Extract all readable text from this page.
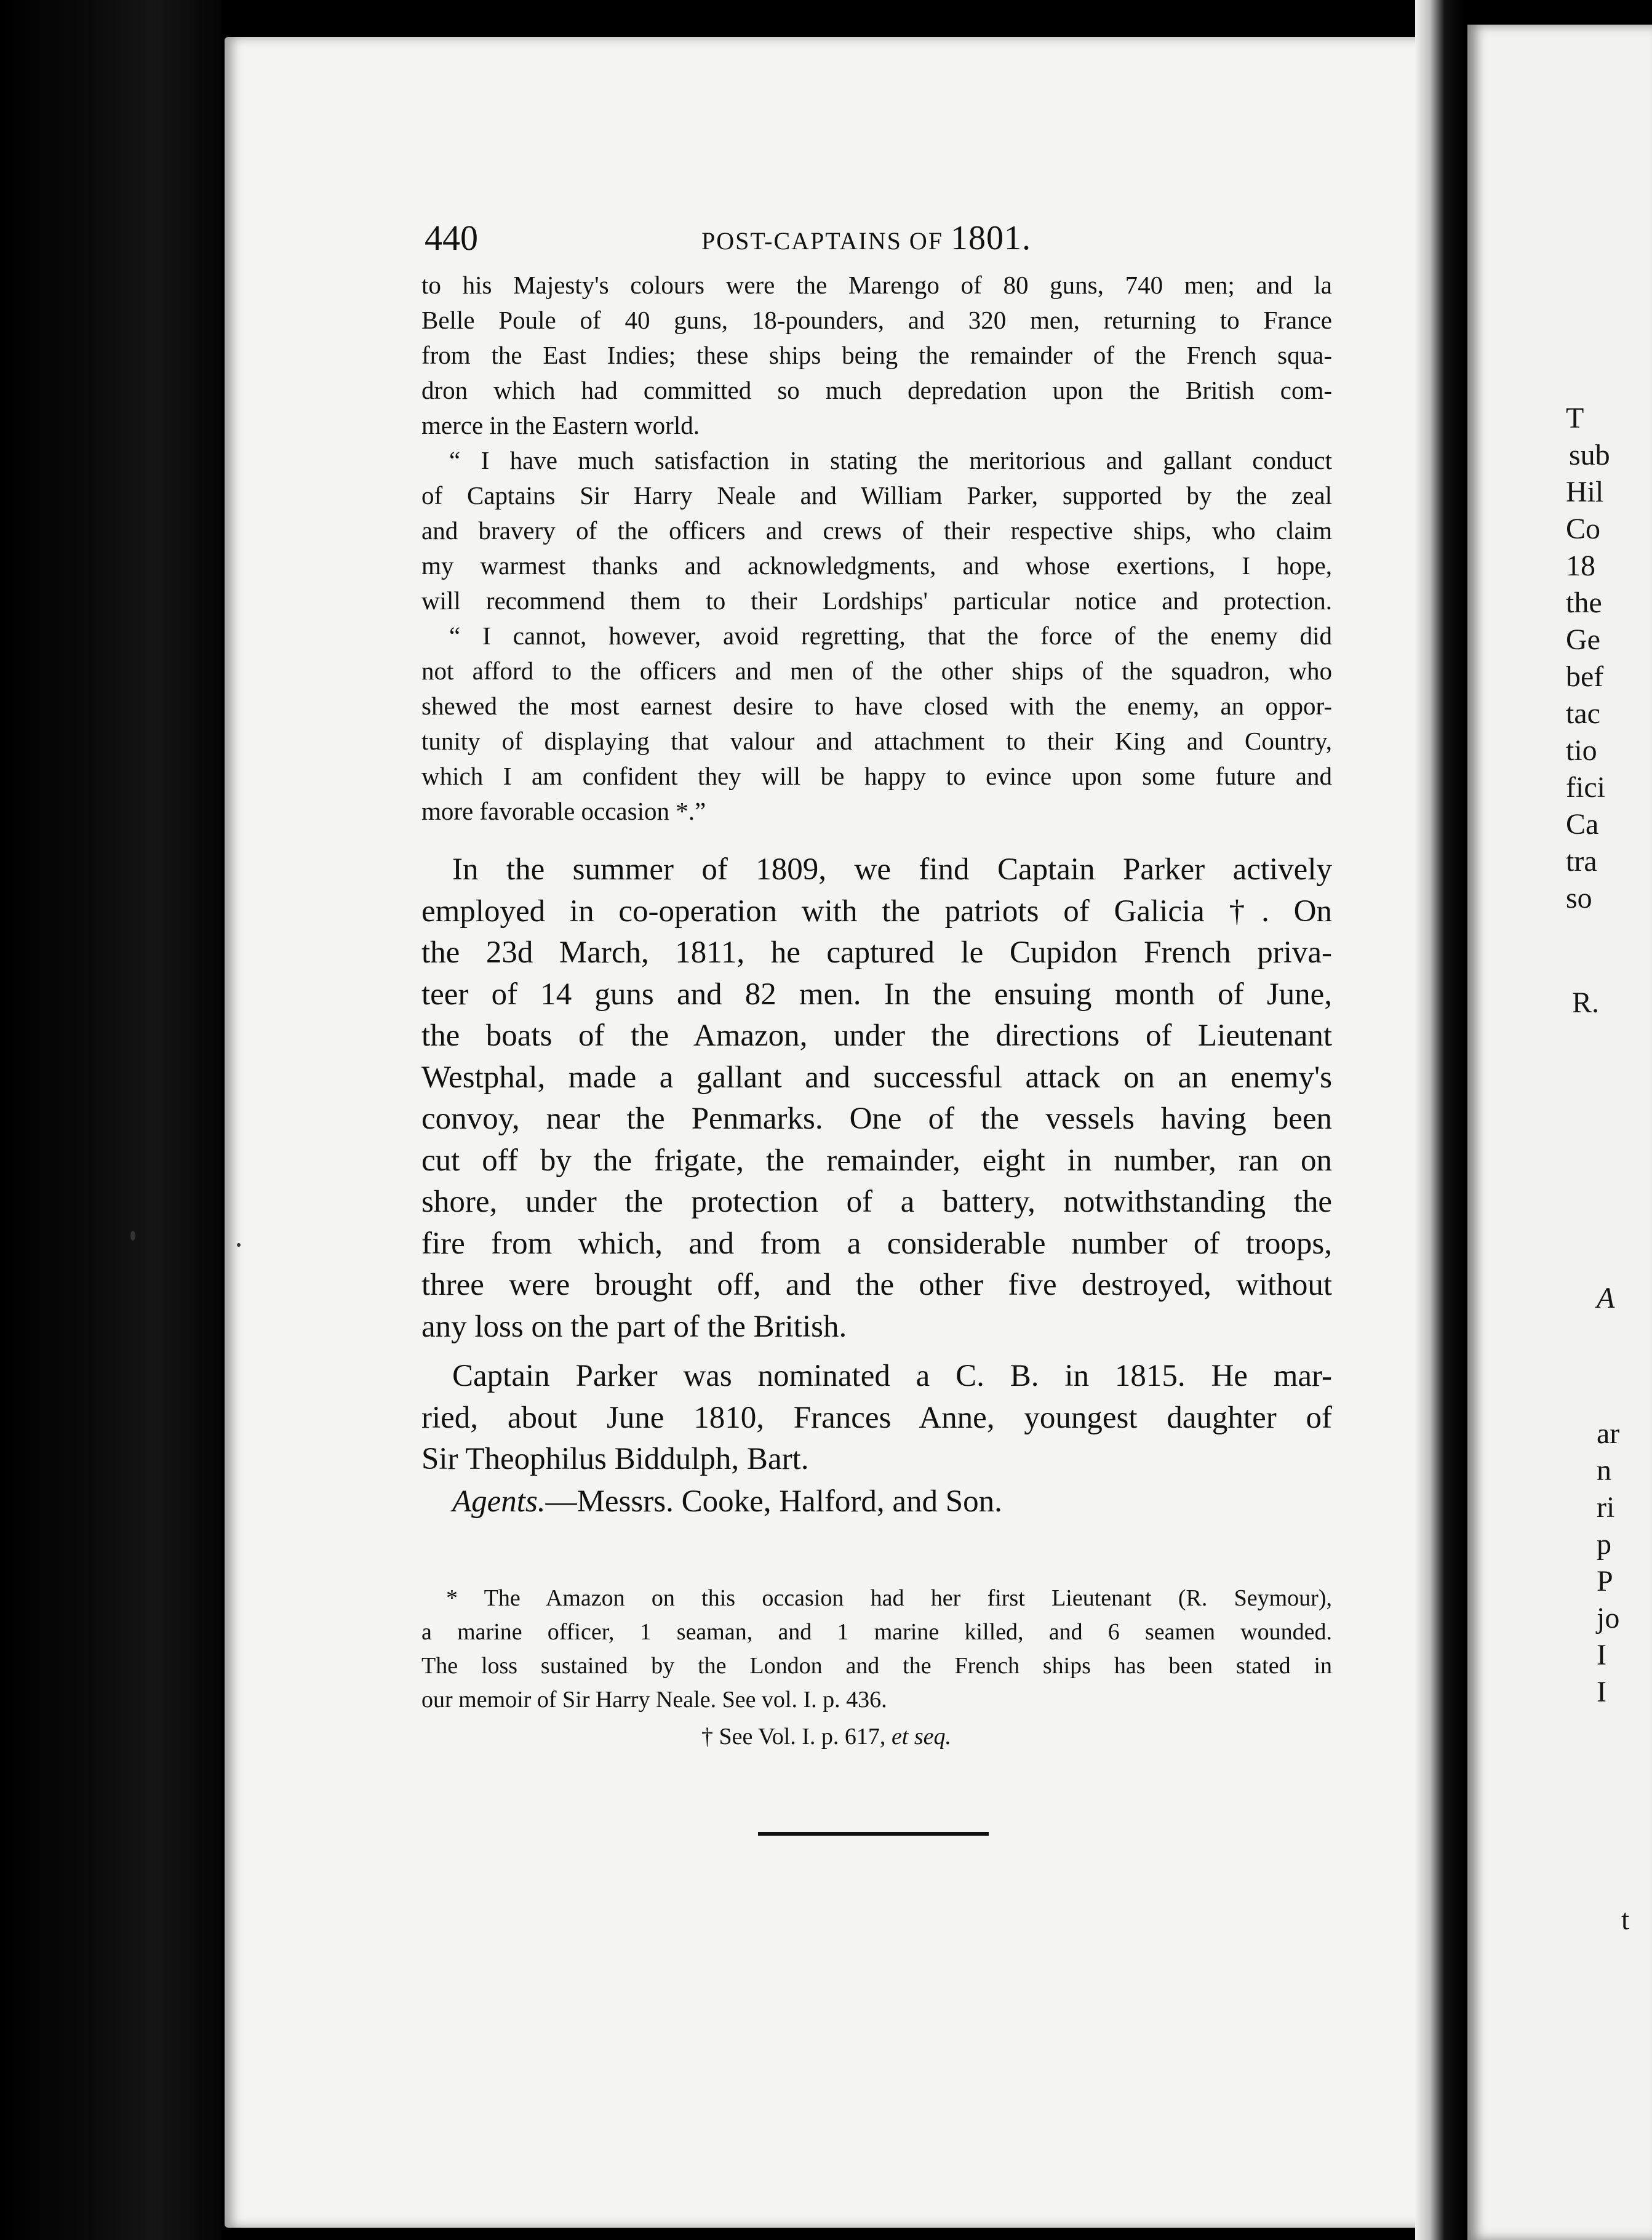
T
sub
Hil
Co
18
the
Ge
bef
tac
tio
fici
Ca
tra
so
R.
A
ar
n
ri
p
P
jo
I
I
t
440	POST-CAPTAINS OF 1801.
to his Majesty's colours were the Marengo of 80 guns, 740 men; and la
Belle Poule of 40 guns, 18-pounders, and 320 men, returning to France
from the East Indies; these ships being the remainder of the French squa-
dron which had committed so much depredation upon the British com-
merce in the Eastern world.
“ I have much satisfaction in stating the meritorious and gallant conduct
of Captains Sir Harry Neale and William Parker, supported by the zeal
and bravery of the officers and crews of their respective ships, who claim
my warmest thanks and acknowledgments, and whose exertions, I hope,
will recommend them to their Lordships' particular notice and protection.
“ I cannot, however, avoid regretting, that the force of the enemy did
not afford to the officers and men of the other ships of the squadron, who
shewed the most earnest desire to have closed with the enemy, an oppor-
tunity of displaying that valour and attachment to their King and Country,
which I am confident they will be happy to evince upon some future and
more favorable occasion *.”
In the summer of 1809, we find Captain Parker actively
employed in co-operation with the patriots of Galicia †. On
the 23d March, 1811, he captured le Cupidon French priva-
teer of 14 guns and 82 men. In the ensuing month of June,
the boats of the Amazon, under the directions of Lieutenant
Westphal, made a gallant and successful attack on an enemy's
convoy, near the Penmarks. One of the vessels having been
cut off by the frigate, the remainder, eight in number, ran on
shore, under the protection of a battery, notwithstanding the
fire from which, and from a considerable number of troops,
three were brought off, and the other five destroyed, without
any loss on the part of the British.
Captain Parker was nominated a C. B. in 1815. He mar-
ried, about June 1810, Frances Anne, youngest daughter of
Sir Theophilus Biddulph, Bart.
Agents.—Messrs. Cooke, Halford, and Son.
* The Amazon on this occasion had her first Lieutenant (R. Seymour),
a marine officer, 1 seaman, and 1 marine killed, and 6 seamen wounded.
The loss sustained by the London and the French ships has been stated in
our memoir of Sir Harry Neale. See vol. I. p. 436.
† See Vol. I. p. 617, et seq.
